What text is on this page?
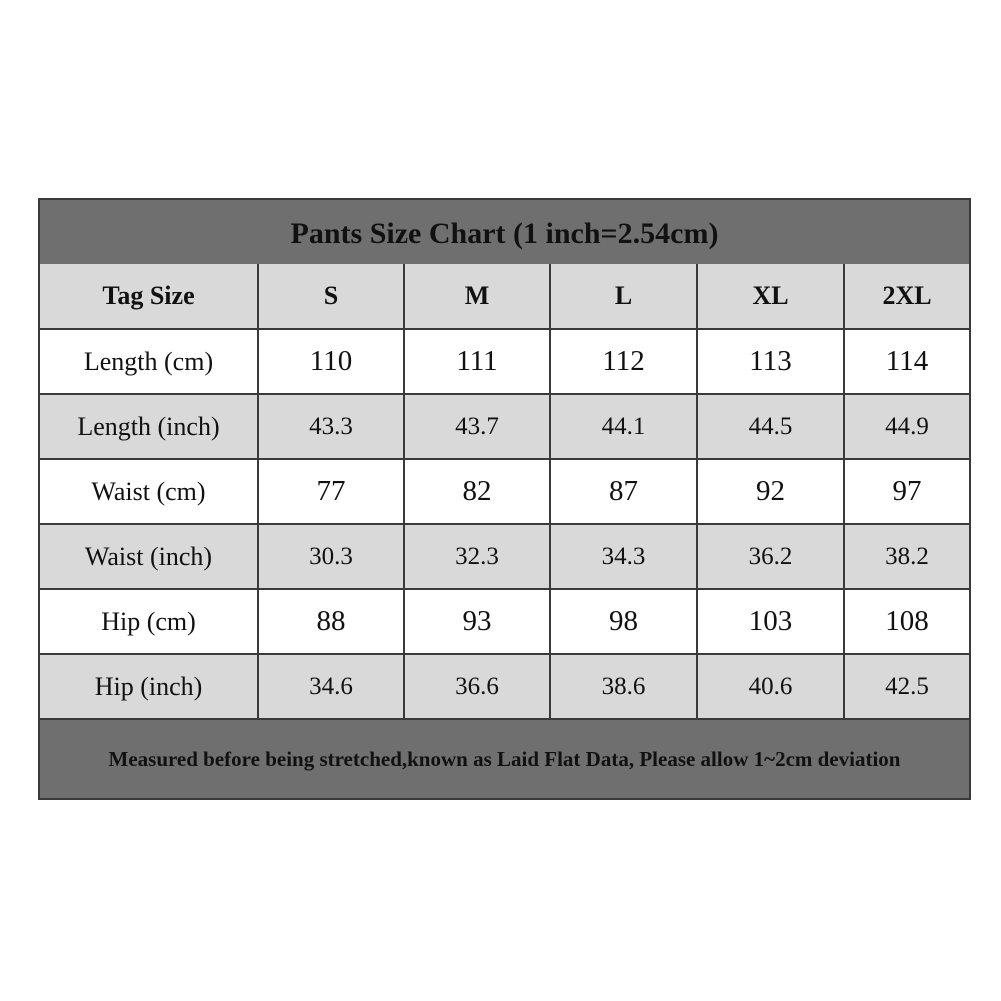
Pants Size Chart (1 inch=2.54cm)
Tag Size	S	M	L	XL	2XL
Length (cm)	110	111	112	113	114
Length (inch)	43.3	43.7	44.1	44.5	44.9
Waist (cm)	77	82	87	92	97
Waist (inch)	30.3	32.3	34.3	36.2	38.2
Hip (cm)	88	93	98	103	108
Hip (inch)	34.6	36.6	38.6	40.6	42.5
Measured before being stretched,known as Laid Flat Data, Please allow 1~2cm deviation
